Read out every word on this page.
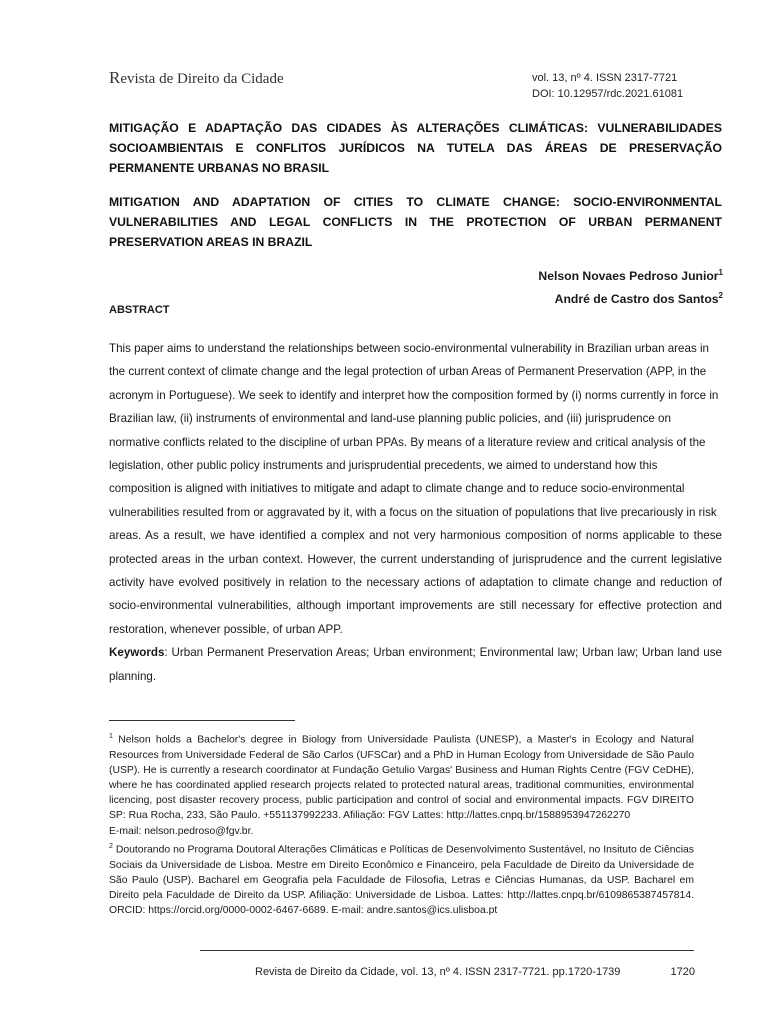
Revista de Direito da Cidade	vol. 13, nº 4. ISSN 2317-7721
DOI: 10.12957/rdc.2021.61081
MITIGAÇÃO E ADAPTAÇÃO DAS CIDADES ÀS ALTERAÇÕES CLIMÁTICAS: VULNERABILIDADES SOCIOAMBIENTAIS E CONFLITOS JURÍDICOS NA TUTELA DAS ÁREAS DE PRESERVAÇÃO PERMANENTE URBANAS NO BRASIL
MITIGATION AND ADAPTATION OF CITIES TO CLIMATE CHANGE: SOCIO-ENVIRONMENTAL VULNERABILITIES AND LEGAL CONFLICTS IN THE PROTECTION OF URBAN PERMANENT PRESERVATION AREAS IN BRAZIL
Nelson Novaes Pedroso Junior$^1$
André de Castro dos Santos$^2$
ABSTRACT

This paper aims to understand the relationships between socio-environmental vulnerability in Brazilian urban areas in the current context of climate change and the legal protection of urban Areas of Permanent Preservation (APP, in the acronym in Portuguese). We seek to identify and interpret how the composition formed by (i) norms currently in force in Brazilian law, (ii) instruments of environmental and land-use planning public policies, and (iii) jurisprudence on normative conflicts related to the discipline of urban PPAs. By means of a literature review and critical analysis of the legislation, other public policy instruments and jurisprudential precedents, we aimed to understand how this composition is aligned with initiatives to mitigate and adapt to climate change and to reduce socio-environmental vulnerabilities resulted from or aggravated by it, with a focus on the situation of populations that live precariously in risk

areas. As a result, we have identified a complex and not very harmonious composition of norms applicable to these protected areas in the urban context. However, the current understanding of jurisprudence and the current legislative activity have evolved positively in relation to the necessary actions of adaptation to climate change and reduction of socio-environmental vulnerabilities, although important improvements are still necessary for effective protection and restoration, whenever possible, of urban APP.

Keywords: Urban Permanent Preservation Areas; Urban environment; Environmental law; Urban law; Urban land use planning.

$^1$ Nelson holds a Bachelor's degree in Biology from Universidade Paulista (UNESP), a Master's in Ecology and Natural Resources from Universidade Federal de São Carlos (UFSCar) and a PhD in Human Ecology from Universidade de São Paulo (USP). He is currently a research coordinator at Fundação Getulio Vargas' Business and Human Rights Centre (FGV CeDHE), where he has coordinated applied research projects related to protected natural areas, traditional communities, environmental licencing, post disaster recovery process, public participation and control of social and environmental impacts. FGV DIREITO SP: Rua Rocha, 233, São Paulo. +551137992233. Afiliação: FGV Lattes: http://lattes.cnpq.br/1588953947262270

E-mail: nelson.pedroso@fgv.br.

$^2$ Doutorando no Programa Doutoral Alterações Climáticas e Políticas de Desenvolvimento Sustentável, no Insituto de Ciências Sociais da Universidade de Lisboa. Mestre em Direito Econômico e Financeiro, pela Faculdade de Direito da Universidade de São Paulo (USP). Bacharel em Geografia pela Faculdade de Filosofia, Letras e Ciências Humanas, da USP. Bacharel em Direito pela Faculdade de Direito da USP. Afiliação: Universidade de Lisboa. Lattes: http://lattes.cnpq.br/6109865387457814. ORCID: https://orcid.org/0000-0002-6467-6689. E-mail: andre.santos@ics.ulisboa.pt

Revista de Direito da Cidade, vol. 13, nº 4. ISSN 2317-7721. pp.1720-1739	1720
